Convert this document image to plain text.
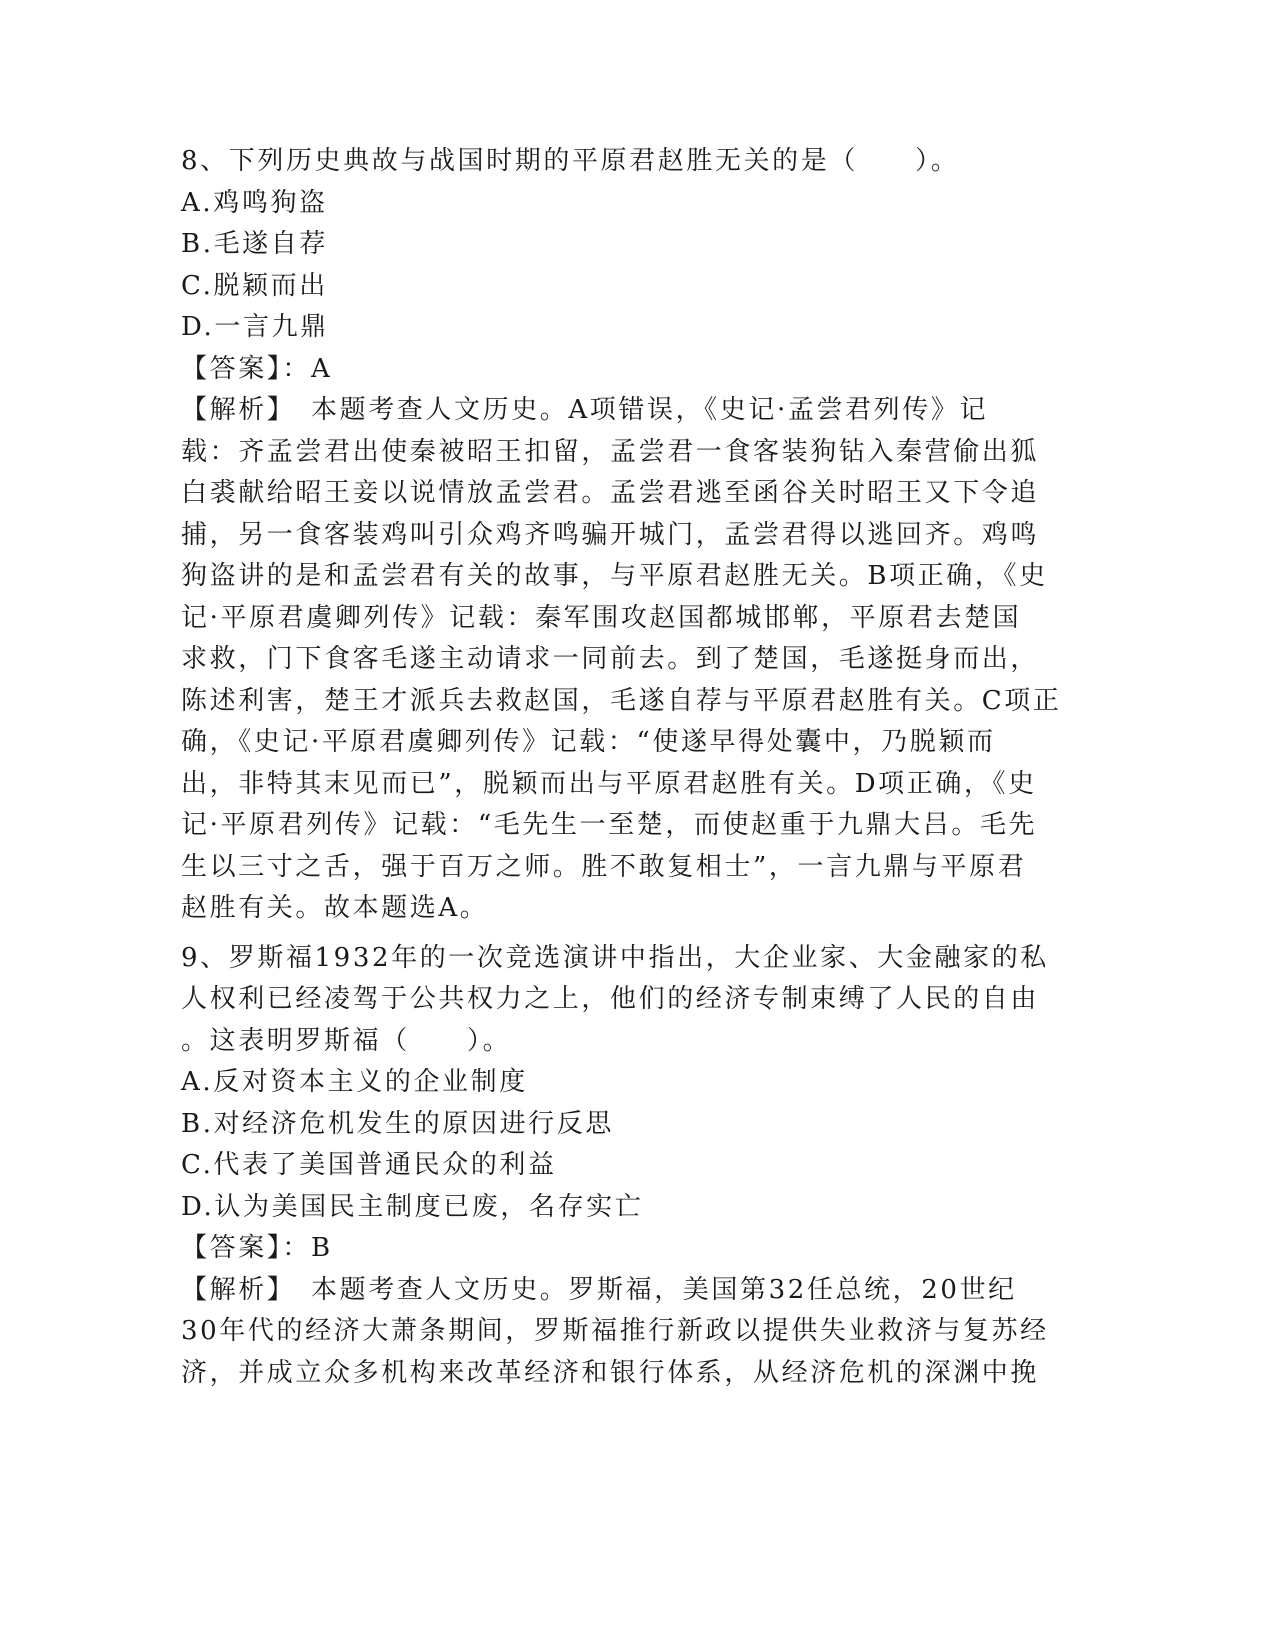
8、下列历史典故与战国时期的平原君赵胜无关的是（　　）。
A.鸡鸣狗盗
B.毛遂自荐
C.脱颖而出
D.一言九鼎
【答案】：A
【解析】　本题考查人文历史。A项错误，《史记·孟尝君列传》记
载：齐孟尝君出使秦被昭王扣留，孟尝君一食客装狗钻入秦营偷出狐
白裘献给昭王妾以说情放孟尝君。孟尝君逃至函谷关时昭王又下令追
捕，另一食客装鸡叫引众鸡齐鸣骗开城门，孟尝君得以逃回齐。鸡鸣
狗盗讲的是和孟尝君有关的故事，与平原君赵胜无关。B项正确，《史
记·平原君虞卿列传》记载：秦军围攻赵国都城邯郸，平原君去楚国
求救，门下食客毛遂主动请求一同前去。到了楚国，毛遂挺身而出，
陈述利害，楚王才派兵去救赵国，毛遂自荐与平原君赵胜有关。C项正
确，《史记·平原君虞卿列传》记载：“使遂早得处囊中，乃脱颖而
出，非特其末见而已”，脱颖而出与平原君赵胜有关。D项正确，《史
记·平原君列传》记载：“毛先生一至楚，而使赵重于九鼎大吕。毛先
生以三寸之舌，强于百万之师。胜不敢复相士”，一言九鼎与平原君
赵胜有关。故本题选A。
9、罗斯福1932年的一次竞选演讲中指出，大企业家、大金融家的私
人权利已经凌驾于公共权力之上，他们的经济专制束缚了人民的自由
。这表明罗斯福（　　）。
A.反对资本主义的企业制度
B.对经济危机发生的原因进行反思
C.代表了美国普通民众的利益
D.认为美国民主制度已废，名存实亡
【答案】：B
【解析】　本题考查人文历史。罗斯福，美国第32任总统，20世纪
30年代的经济大萧条期间，罗斯福推行新政以提供失业救济与复苏经
济，并成立众多机构来改革经济和银行体系，从经济危机的深渊中挽
